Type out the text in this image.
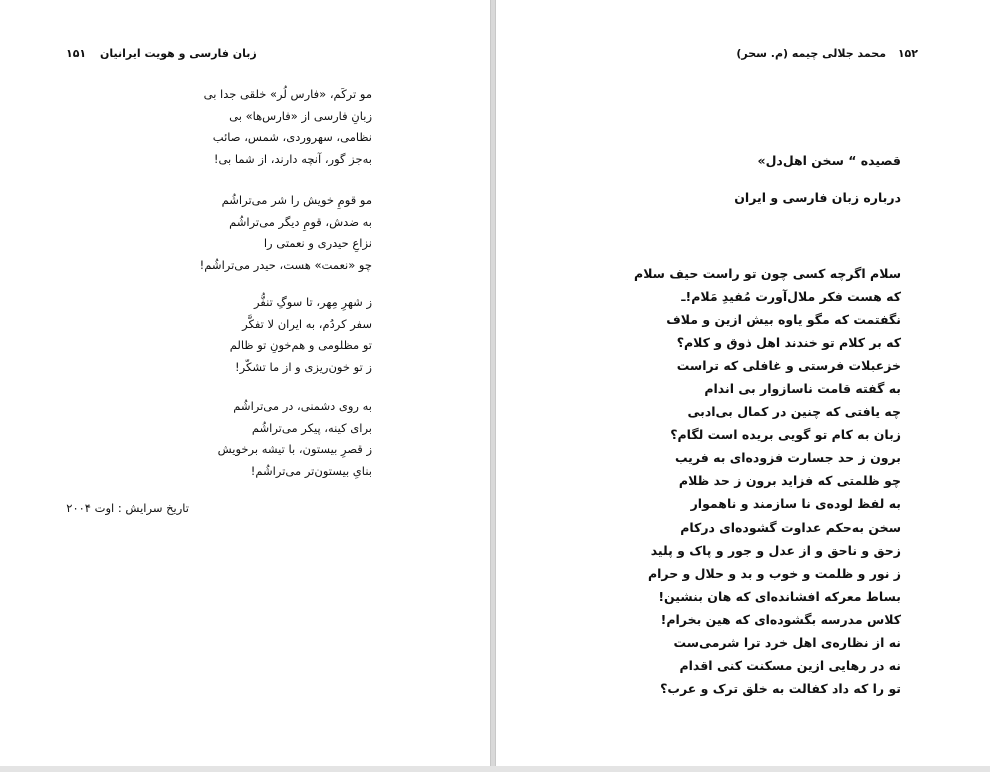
۱۵۱ زبان فارسی و هویت ایرانیان
مو ترکَم، «فارس لُر» خلقی جدا بی
زبانِ فارسی از «فارس‌ها» بی
نظامی، سهروردی، شمس، صائب
به‌جز گور، آنچه دارند، از شما بی!
مو قومِ خویش را شر می‌تراشُم
به ضدش، قومِ دیگر می‌تراشُم
نزاعِ حیدری و نعمتی را
چو «نعمت» هست، حیدر می‌تراشُم!
ز شهرِ مِهر، تا سوگِ تنفُّر
سفر کردُم، به ایران لا تفکَّر
تو مظلومی و هم‌خونِ تو ظالم
ز تو خون‌ریزی و از ما تشکّر!
به روی دشمنی، در می‌تراشُم
برای کینه، پیکر می‌تراشُم
ز قصرِ بیستون، با تیشه برخویش
بنایِ بیستون‌تر می‌تراشُم!
تاریخ سرایش : اوت ۲۰۰۴
۱۵۲ محمد جلالی چیمه (م. سحر)
قصیده “ سخن اهل‌دل»
درباره زبان فارسی و ایران
سلام اگرچه کسی چون تو راست حیف سلام
که هست فکر ملال‌آورت مُفیدِ مَلام!ـ
نگفتمت که مگو یاوه بیش ازین و ملاف
که بر کلام تو خندند اهل ذوق و کلام؟
خزعبلات فرستی و غافلی که تراست
به گفته قامت ناسازوار بی اندام
چه یافتی که چنین در کمال بی‌ادبی
زبان به کام تو گویی بریده است لگام؟
برون ز حد جسارت فزوده‌ای به فریب
چو ظلمتی که فزاید برون ز حد ظلام
به لفظ لوده‌ی نا سازمند و ناهموار
سخن به‌حکم عداوت گشوده‌ای درکام
زحق و ناحق و از عدل و جور و پاک و پلید
ز نور و ظلمت و خوب و بد و حلال و حرام
بساط معرکه افشانده‌ای که هان بنشین!
کلاس مدرسه بگشوده‌ای که هین بخرام!
نه از نظاره‌ی اهل خرد ترا شرمی‌ست
نه در رهایی ازین مسکنت کنی اقدام
تو را که داد کفالت به خلق ترک و عرب؟
